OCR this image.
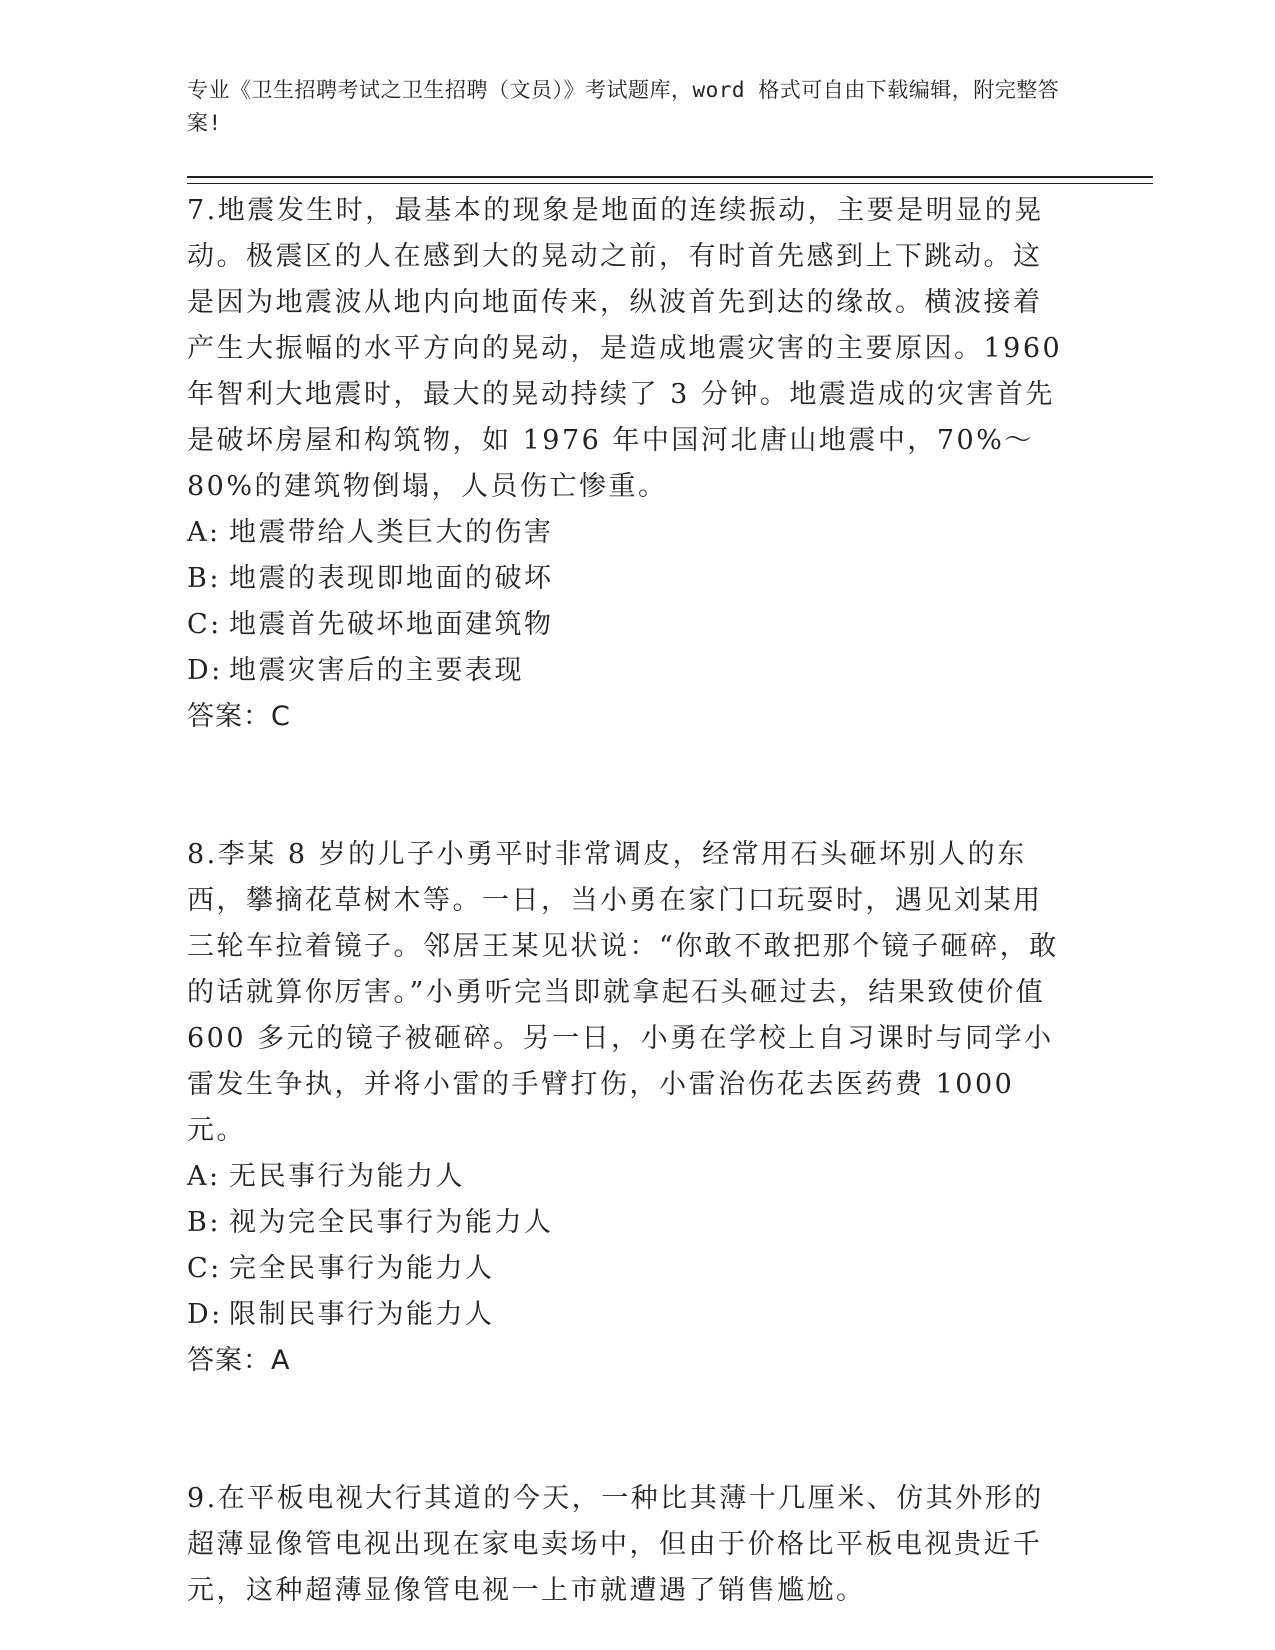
专业《卫生招聘考试之卫生招聘（文员）》考试题库，word 格式可自由下载编辑，附完整答案!

7.地震发生时，最基本的现象是地面的连续振动，主要是明显的晃动。极震区的人在感到大的晃动之前，有时首先感到上下跳动。这是因为地震波从地内向地面传来，纵波首先到达的缘故。横波接着产生大振幅的水平方向的晃动，是造成地震灾害的主要原因。1960 年智利大地震时，最大的晃动持续了 3 分钟。地震造成的灾害首先是破坏房屋和构筑物，如 1976 年中国河北唐山地震中，70%～80%的建筑物倒塌，人员伤亡惨重。

A: 地震带给人类巨大的伤害

B: 地震的表现即地面的破坏

C: 地震首先破坏地面建筑物

D: 地震灾害后的主要表现

答案：C

8.李某 8 岁的儿子小勇平时非常调皮，经常用石头砸坏别人的东西，攀摘花草树木等。一日，当小勇在家门口玩耍时，遇见刘某用三轮车拉着镜子。邻居王某见状说：“你敢不敢把那个镜子砸碎，敢的话就算你厉害。”小勇听完当即就拿起石头砸过去，结果致使价值 600 多元的镜子被砸碎。另一日，小勇在学校上自习课时与同学小雷发生争执，并将小雷的手臂打伤，小雷治伤花去医药费 1000 元。

A: 无民事行为能力人

B: 视为完全民事行为能力人

C: 完全民事行为能力人

D: 限制民事行为能力人

答案：A

9.在平板电视大行其道的今天，一种比其薄十几厘米、仿其外形的超薄显像管电视出现在家电卖场中，但由于价格比平板电视贵近千元，这种超薄显像管电视一上市就遭遇了销售尴尬。
